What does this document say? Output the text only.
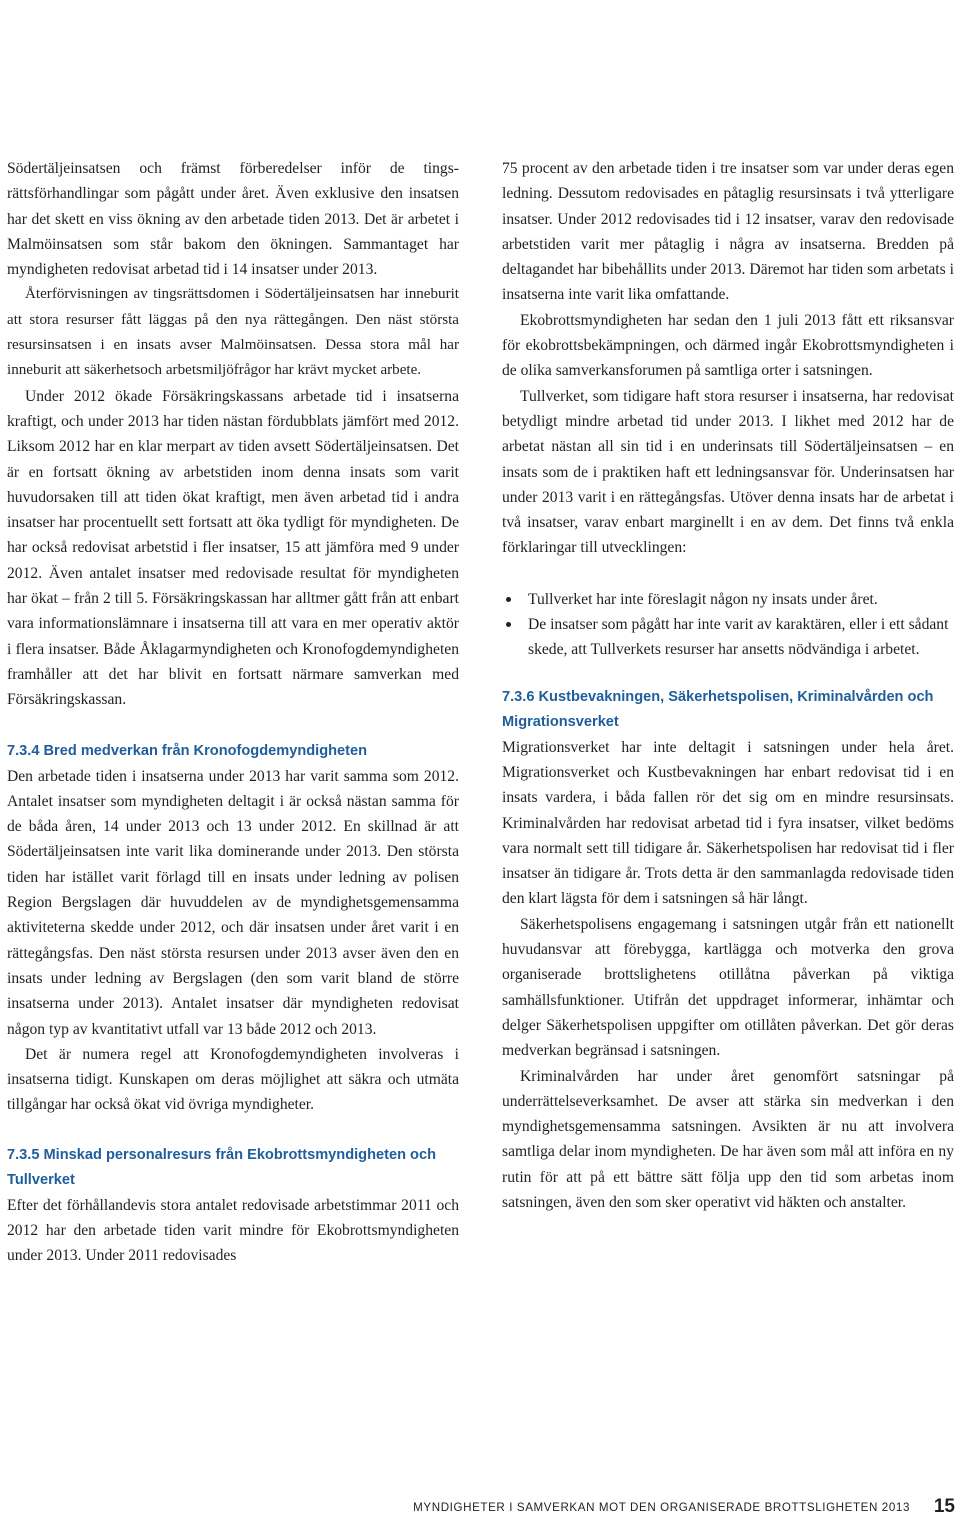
Södertäljeinsatsen och främst förberedelser inför de tingsrättsförhandlingar som pågått under året. Även exklusive den insatsen har det skett en viss ökning av den arbetade tiden 2013. Det är arbetet i Malmöinsatsen som står bakom den ökningen. Sammantaget har myndigheten redovisat arbetad tid i 14 insatser under 2013.

Återförvisningen av tingsrättsdomen i Södertäljeinsatsen har inneburit att stora resurser fått läggas på den nya rättegången. Den näst största resursinsatsen i en insats avser Malmöinsatsen. Dessa stora mål har inneburit att säkerhetsoch arbetsmiljöfrågor har krävt mycket arbete.

Under 2012 ökade Försäkringskassans arbetade tid i insatserna kraftigt, och under 2013 har tiden nästan fördubblats jämfört med 2012. Liksom 2012 har en klar merpart av tiden avsett Södertäljeinsatsen. Det är en fortsatt ökning av arbetstiden inom denna insats som varit huvudorsaken till att tiden ökat kraftigt, men även arbetad tid i andra insatser har procentuellt sett fortsatt att öka tydligt för myndigheten. De har också redovisat arbetstid i fler insatser, 15 att jämföra med 9 under 2012. Även antalet insatser med redovisade resultat för myndigheten har ökat – från 2 till 5. Försäkringskassan har alltmer gått från att enbart vara informationslämnare i insatserna till att vara en mer operativ aktör i flera insatser. Både Åklagarmyndigheten och Kronofogdemyndigheten framhåller att det har blivit en fortsatt närmare samverkan med Försäkringskassan.

7.3.4 Bred medverkan från Kronofogdemyndigheten

Den arbetade tiden i insatserna under 2013 har varit samma som 2012. Antalet insatser som myndigheten deltagit i är också nästan samma för de båda åren, 14 under 2013 och 13 under 2012. En skillnad är att Södertäljeinsatsen inte varit lika dominerande under 2013. Den största tiden har istället varit förlagd till en insats under ledning av polisen Region Bergslagen där huvuddelen av de myndighetsgemensamma aktiviteterna skedde under 2012, och där insatsen under året varit i en rättegångsfas. Den näst största resursen under 2013 avser även den en insats under ledning av Bergslagen (den som varit bland de större insatserna under 2013). Antalet insatser där myndigheten redovisat någon typ av kvantitativt utfall var 13 både 2012 och 2013.

Det är numera regel att Kronofogdemyndigheten involveras i insatserna tidigt. Kunskapen om deras möjlighet att säkra och utmäta tillgångar har också ökat vid övriga myndigheter.

7.3.5 Minskad personalresurs från Ekobrottsmyndigheten och Tullverket

Efter det förhållandevis stora antalet redovisade arbetstimmar 2011 och 2012 har den arbetade tiden varit mindre för Ekobrottsmyndigheten under 2013. Under 2011 redovisades

75 procent av den arbetade tiden i tre insatser som var under deras egen ledning. Dessutom redovisades en påtaglig resursinsats i två ytterligare insatser. Under 2012 redovisades tid i 12 insatser, varav den redovisade arbetstiden varit mer påtaglig i några av insatserna. Bredden på deltagandet har bibehållits under 2013. Däremot har tiden som arbetats i insatserna inte varit lika omfattande.

Ekobrottsmyndigheten har sedan den 1 juli 2013 fått ett riksansvar för ekobrottsbekämpningen, och därmed ingår Ekobrottsmyndigheten i de olika samverkansforumen på samtliga orter i satsningen.

Tullverket, som tidigare haft stora resurser i insatserna, har redovisat betydligt mindre arbetad tid under 2013. I likhet med 2012 har de arbetat nästan all sin tid i en underinsats till Södertäljeinsatsen – en insats som de i praktiken haft ett ledningsansvar för. Underinsatsen har under 2013 varit i en rättegångsfas. Utöver denna insats har de arbetat i två insatser, varav enbart marginellt i en av dem. Det finns två enkla förklaringar till utvecklingen:

Tullverket har inte föreslagit någon ny insats under året.
De insatser som pågått har inte varit av karaktären, eller i ett sådant skede, att Tullverkets resurser har ansetts nödvändiga i arbetet.
7.3.6 Kustbevakningen, Säkerhetspolisen, Kriminalvården och Migrationsverket

Migrationsverket har inte deltagit i satsningen under hela året. Migrationsverket och Kustbevakningen har enbart redovisat tid i en insats vardera, i båda fallen rör det sig om en mindre resursinsats. Kriminalvården har redovisat arbetad tid i fyra insatser, vilket bedöms vara normalt sett till tidigare år. Säkerhetspolisen har redovisat tid i fler insatser än tidigare år. Trots detta är den sammanlagda redovisade tiden den klart lägsta för dem i satsningen så här långt.

Säkerhetspolisens engagemang i satsningen utgår från ett nationellt huvudansvar att förebygga, kartlägga och motverka den grova organiserade brottslighetens otillåtna påverkan på viktiga samhällsfunktioner. Utifrån det uppdraget informerar, inhämtar och delger Säkerhetspolisen uppgifter om otillåten påverkan. Det gör deras medverkan begränsad i satsningen.

Kriminalvården har under året genomfört satsningar på underrättelseverksamhet. De avser att stärka sin medverkan i den myndighetsgemensamma satsningen. Avsikten är nu att involvera samtliga delar inom myndigheten. De har även som mål att införa en ny rutin för att på ett bättre sätt följa upp den tid som arbetas inom satsningen, även den som sker operativt vid häkten och anstalter.

MYNDIGHETER I SAMVERKAN MOT DEN ORGANISERADE BROTTSLIGHETEN 2013 15
